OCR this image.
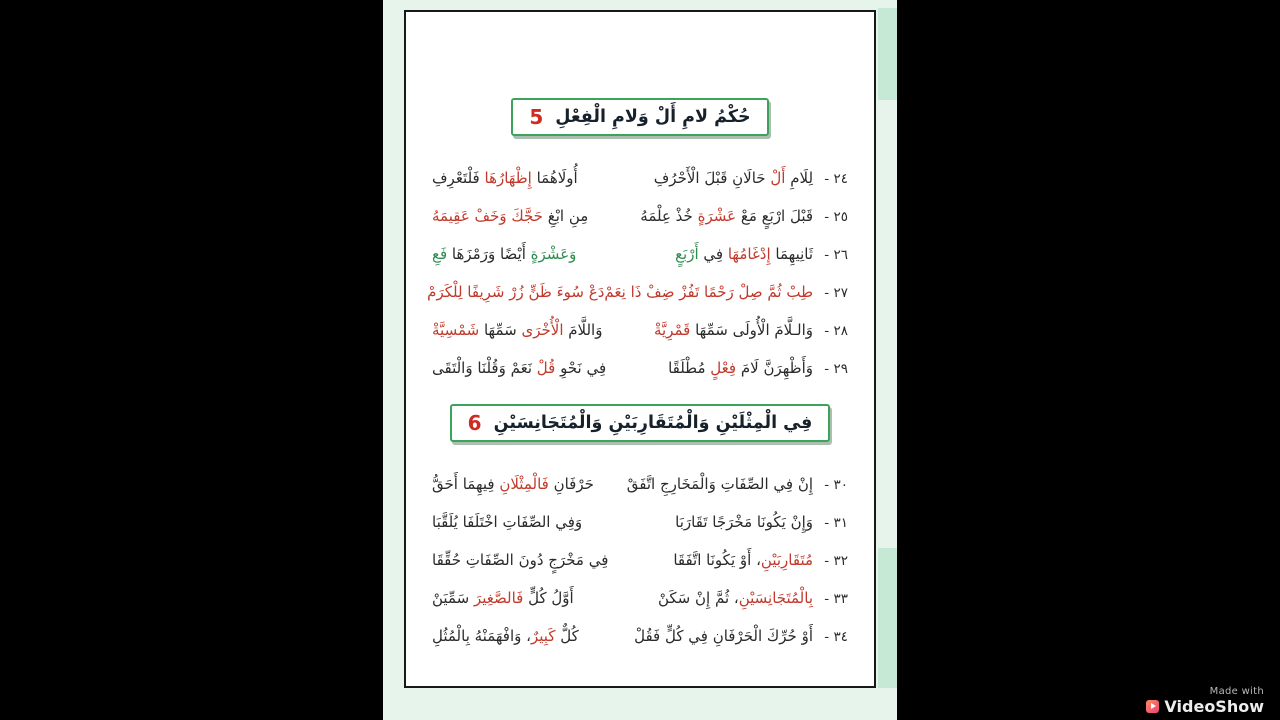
5 حُكْمُ لامِ أَلْ وَلامِ الْفِعْلِ
٢٤ - لِلَامِ أَلْ حَالَانِ قَبْلَ الْأَحْرُفِ
أُولَاهُمَا إِظْهَارُهَا فَلْتَعْرِفِ
٢٥ - قَبْلَ ارْبَعٍ مَعْ عَشْرَةٍ خُذْ عِلْمَهُ
مِنِ ابْغِ حَجَّكَ وَخَفْ عَقِيمَهُ
٢٦ - ثَانِيهِمَا إِدْغَامُهَا فِي أَرْبَعٍ
وَعَشْرَةٍ أَيْضًا وَرَمْزَهَا فَعِ
٢٧ - طِبْ ثُمَّ صِلْ رَحْمًا تَفُزْ ضِفْ ذَا نِعَمْ
دَعْ سُوءَ ظَنٍّ زُرْ شَرِيفًا لِلْكَرَمْ
٢٨ - وَالـلَّامَ الْأُولَى سَمِّهَا قَمْرِيَّةْ
وَاللَّامَ الْأُخْرَى سَمِّهَا شَمْسِيَّةْ
٢٩ - وَأَظْهِرَنَّ لَامَ فِعْلٍ مُطْلَقًا
فِي نَحْوِ قُلْ نَعَمْ وَقُلْنَا وَالْتَقَى
6 فِي الْمِثْلَيْنِ وَالْمُتَقَارِبَيْنِ وَالْمُتَجَانِسَيْنِ
٣٠ - إِنْ فِي الصِّفَاتِ وَالْمَخَارِجِ اتَّفَقْ
حَرْفَانِ فَالْمِثْلَانِ فِيهِمَا أَحَقُّ
٣١ - وَإِنْ يَكُونَا مَخْرَجًا تَقَارَبَا
وَفِي الصِّفَاتِ اخْتَلَفَا يُلَقَّبَا
٣٢ - مُتَقَارِبَيْنِ، أَوْ يَكُونَا اتَّفَقَا
فِي مَخْرَجٍ دُونَ الصِّفَاتِ حُقِّقَا
٣٣ - بِالْمُتَجَانِسَيْنِ، ثُمَّ إِنْ سَكَنْ
أَوَّلُ كُلٍّ فَالصَّغِيرَ سَمِّيَنْ
٣٤ - أَوْ حُرِّكَ الْحَرْفَانِ فِي كُلٍّ فَقُلْ
كُلٌّ كَبِيرٌ، وَافْهَمَنْهُ بِالْمُثُلِ
Made with
VideoShow
